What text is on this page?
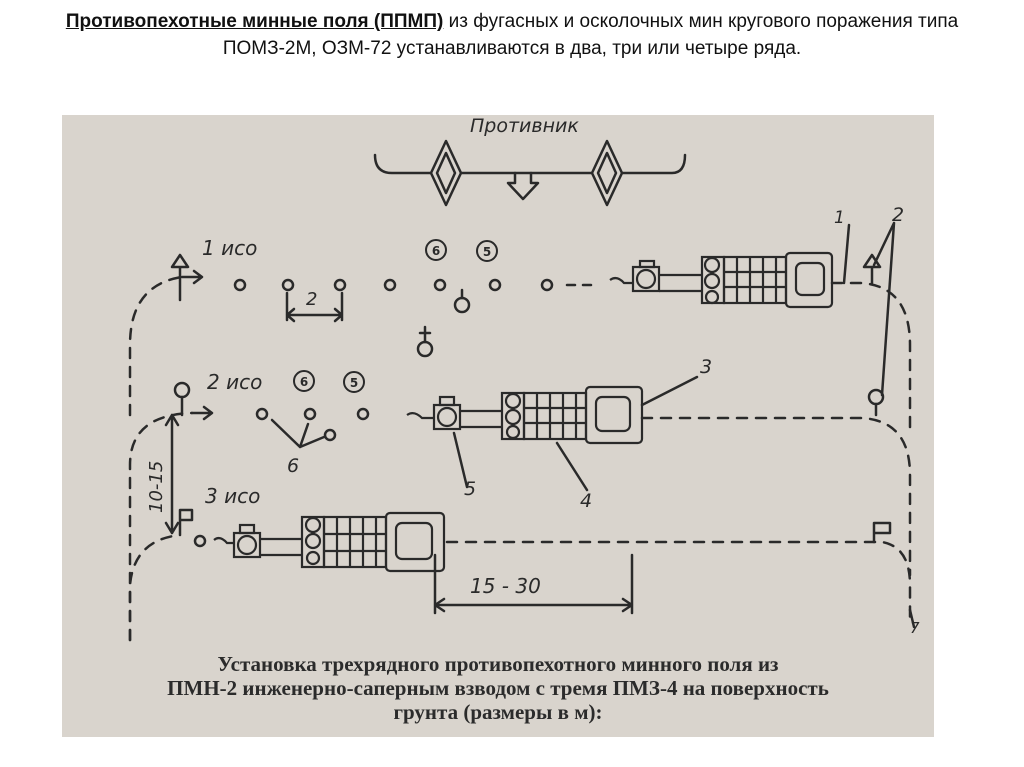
Противопехотные минные поля (ППМП) из фугасных и осколочных мин кругового поражения типа ПОМЗ-2М, ОЗМ-72 устанавливаются в два, три или четыре ряда.
Противник
1 исо
2 исо
3 исо
2
15 - 30
10-15
1 2
3
4
5
6
7
6	5
6	5
Установка трехрядного противопехотного минного поля из
ПМН-2 инженерно-саперным взводом с тремя ПМЗ-4 на поверхность
грунта (размеры в м):
